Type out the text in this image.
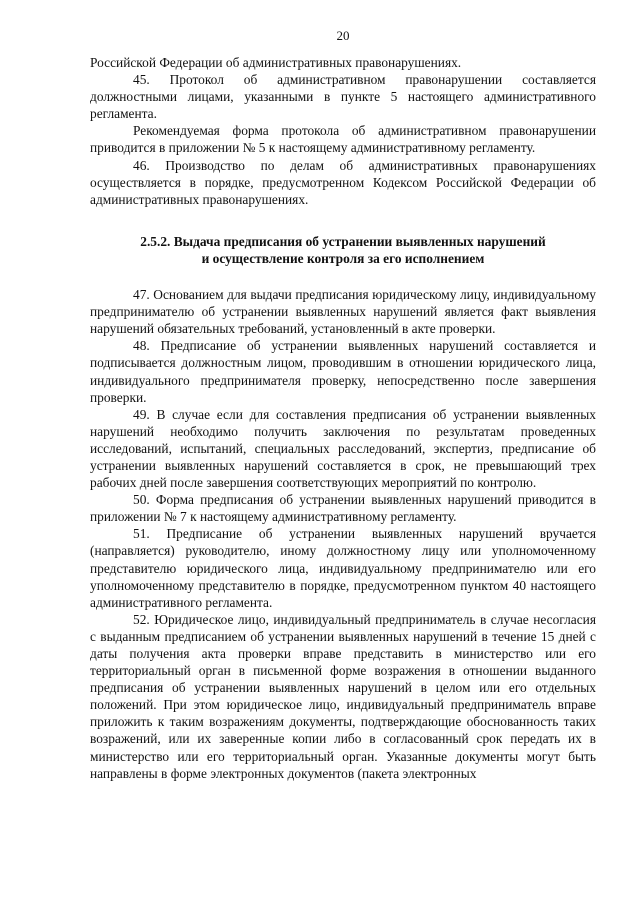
20

Российской Федерации об административных правонарушениях.

45. Протокол об административном правонарушении составляется должностными лицами, указанными в пункте 5 настоящего административного регламента.

Рекомендуемая форма протокола об административном правонарушении приводится в приложении № 5 к настоящему административному регламенту.

46. Производство по делам об административных правонарушениях осуществляется в порядке, предусмотренном Кодексом Российской Федерации об административных правонарушениях.

2.5.2. Выдача предписания об устранении выявленных нарушений
и осуществление контроля за его исполнением

47. Основанием для выдачи предписания юридическому лицу, индивидуальному предпринимателю об устранении выявленных нарушений является факт выявления нарушений обязательных требований, установленный в акте проверки.

48. Предписание об устранении выявленных нарушений составляется и подписывается должностным лицом, проводившим в отношении юридического лица, индивидуального предпринимателя проверку, непосредственно после завершения проверки.

49. В случае если для составления предписания об устранении выявленных нарушений необходимо получить заключения по результатам проведенных исследований, испытаний, специальных расследований, экспертиз, предписание об устранении выявленных нарушений составляется в срок, не превышающий трех рабочих дней после завершения соответствующих мероприятий по контролю.

50. Форма предписания об устранении выявленных нарушений приводится в приложении № 7 к настоящему административному регламенту.

51. Предписание об устранении выявленных нарушений вручается (направляется) руководителю, иному должностному лицу или уполномоченному представителю юридического лица, индивидуальному предпринимателю или его уполномоченному представителю в порядке, предусмотренном пунктом 40 настоящего административного регламента.

52. Юридическое лицо, индивидуальный предприниматель в случае несогласия с выданным предписанием об устранении выявленных нарушений в течение 15 дней с даты получения акта проверки вправе представить в министерство или его территориальный орган в письменной форме возражения в отношении выданного предписания об устранении выявленных нарушений в целом или его отдельных положений. При этом юридическое лицо, индивидуальный предприниматель вправе приложить к таким возражениям документы, подтверждающие обоснованность таких возражений, или их заверенные копии либо в согласованный срок передать их в министерство или его территориальный орган. Указанные документы могут быть направлены в форме электронных документов (пакета электронных
